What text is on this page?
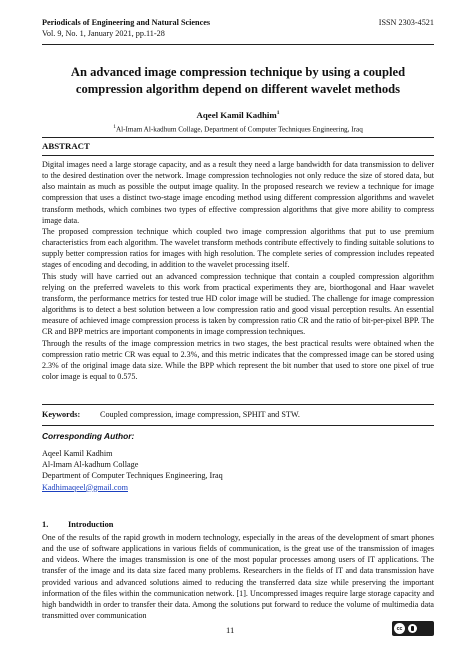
Periodicals of Engineering and Natural Sciences
Vol. 9, No. 1, January 2021, pp.11-28
ISSN 2303-4521
An advanced image compression technique by using a coupled
compression algorithm depend on different wavelet methods
Aqeel Kamil Kadhim$^1$
$^1$Al-Imam Al-kadhum Collage, Department of Computer Techniques Engineering, Iraq
ABSTRACT

Digital images need a large storage capacity, and as a result they need a large bandwidth for data transmission to deliver to the desired destination over the network. Image compression technologies not only reduce the size of stored data, but also maintain as much as possible the output image quality. In the proposed research we review a technique for image compression that uses a distinct two-stage image encoding method using different compression algorithms and wavelet transform methods, which combines two types of effective compression algorithms that give more ability to compress image data.

The proposed compression technique which coupled two image compression algorithms that put to use premium characteristics from each algorithm. The wavelet transform methods contribute effectively to finding suitable solutions to supply better compression ratios for images with high resolution. The complete series of compression includes repeated stages of encoding and decoding, in addition to the wavelet processing itself.

This study will have carried out an advanced compression technique that contain a coupled compression algorithm relying on the preferred wavelets to this work from practical experiments they are, biorthogonal and Haar wavelet transform, the performance metrics for tested true HD color image will be studied. The challenge for image compression algorithms is to detect a best solution between a low compression ratio and good visual perception results. An essential measure of achieved image compression process is taken by compression ratio CR and the ratio of bit-per-pixel BPP. The CR and BPP metrics are important components in image compression techniques.

Through the results of the image compression metrics in two stages, the best practical results were obtained when the compression ratio metric CR was equal to 2.3%, and this metric indicates that the compressed image can be stored using 2.3% of the original image data size. While the BPP which represent the bit number that used to store one pixel of true color image is equal to 0.575.

Keywords: Coupled compression, image compression, SPHIT and STW.
Corresponding Author:
Aqeel Kamil Kadhim
Al-Imam Al-kadhum Collage
Department of Computer Techniques Engineering, Iraq
Kadhimaqeel@gmail.com
1. Introduction
One of the results of the rapid growth in modern technology, especially in the areas of the development of smart phones and the use of software applications in various fields of communication, is the great use of the transmission of images and videos. Where the images transmission is one of the most popular processes among users of IT applications. The transfer of the image and its data size faced many problems. Researchers in the fields of IT and data transmission have provided various and advanced solutions aimed to reducing the transferred data size while preserving the important information of the files within the communication network. [1]. Uncompressed images require large storage capacity and high bandwidth in order to transfer their data. Among the solutions put forward to reduce the volume of multimedia data transmitted over communication
11	cc
